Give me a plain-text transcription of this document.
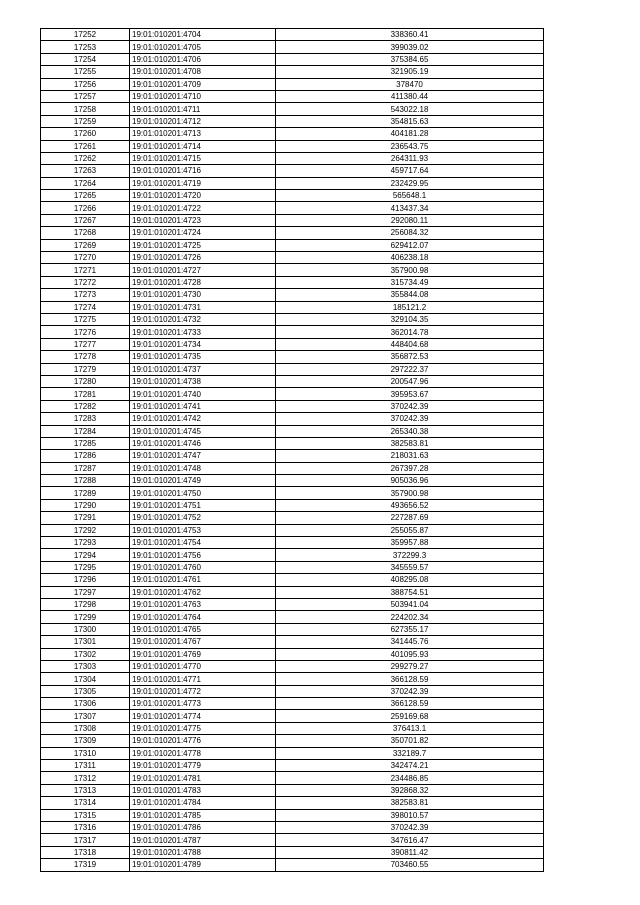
17252	19:01:010201:4704	338360.41
17253	19:01:010201:4705	399039.02
17254	19:01:010201:4706	375384.65
17255	19:01:010201:4708	321905.19
17256	19:01:010201:4709	378470
17257	19:01:010201:4710	411380.44
17258	19:01:010201:4711	543022.18
17259	19:01:010201:4712	354815.63
17260	19:01:010201:4713	404181.28
17261	19:01:010201:4714	236543.75
17262	19:01:010201:4715	264311.93
17263	19:01:010201:4716	459717.64
17264	19:01:010201:4719	232429.95
17265	19:01:010201:4720	565648.1
17266	19:01:010201:4722	413437.34
17267	19:01:010201:4723	292080.11
17268	19:01:010201:4724	256084.32
17269	19:01:010201:4725	629412.07
17270	19:01:010201:4726	406238.18
17271	19:01:010201:4727	357900.98
17272	19:01:010201:4728	315734.49
17273	19:01:010201:4730	355844.08
17274	19:01:010201:4731	185121.2
17275	19:01:010201:4732	329104.35
17276	19:01:010201:4733	362014.78
17277	19:01:010201:4734	448404.68
17278	19:01:010201:4735	356872.53
17279	19:01:010201:4737	297222.37
17280	19:01:010201:4738	200547.96
17281	19:01:010201:4740	395953.67
17282	19:01:010201:4741	370242.39
17283	19:01:010201:4742	370242.39
17284	19:01:010201:4745	265340.38
17285	19:01:010201:4746	382583.81
17286	19:01:010201:4747	218031.63
17287	19:01:010201:4748	267397.28
17288	19:01:010201:4749	905036.96
17289	19:01:010201:4750	357900.98
17290	19:01:010201:4751	493656.52
17291	19:01:010201:4752	227287.69
17292	19:01:010201:4753	255055.87
17293	19:01:010201:4754	359957.88
17294	19:01:010201:4756	372299.3
17295	19:01:010201:4760	345559.57
17296	19:01:010201:4761	408295.08
17297	19:01:010201:4762	388754.51
17298	19:01:010201:4763	503941.04
17299	19:01:010201:4764	224202.34
17300	19:01:010201:4765	627355.17
17301	19:01:010201:4767	341445.76
17302	19:01:010201:4769	401095.93
17303	19:01:010201:4770	299279.27
17304	19:01:010201:4771	366128.59
17305	19:01:010201:4772	370242.39
17306	19:01:010201:4773	366128.59
17307	19:01:010201:4774	259169.68
17308	19:01:010201:4775	376413.1
17309	19:01:010201:4776	350701.82
17310	19:01:010201:4778	332189.7
17311	19:01:010201:4779	342474.21
17312	19:01:010201:4781	234486.85
17313	19:01:010201:4783	392868.32
17314	19:01:010201:4784	382583.81
17315	19:01:010201:4785	398010.57
17316	19:01:010201:4786	370242.39
17317	19:01:010201:4787	347616.47
17318	19:01:010201:4788	390811.42
17319	19:01:010201:4789	703460.55
